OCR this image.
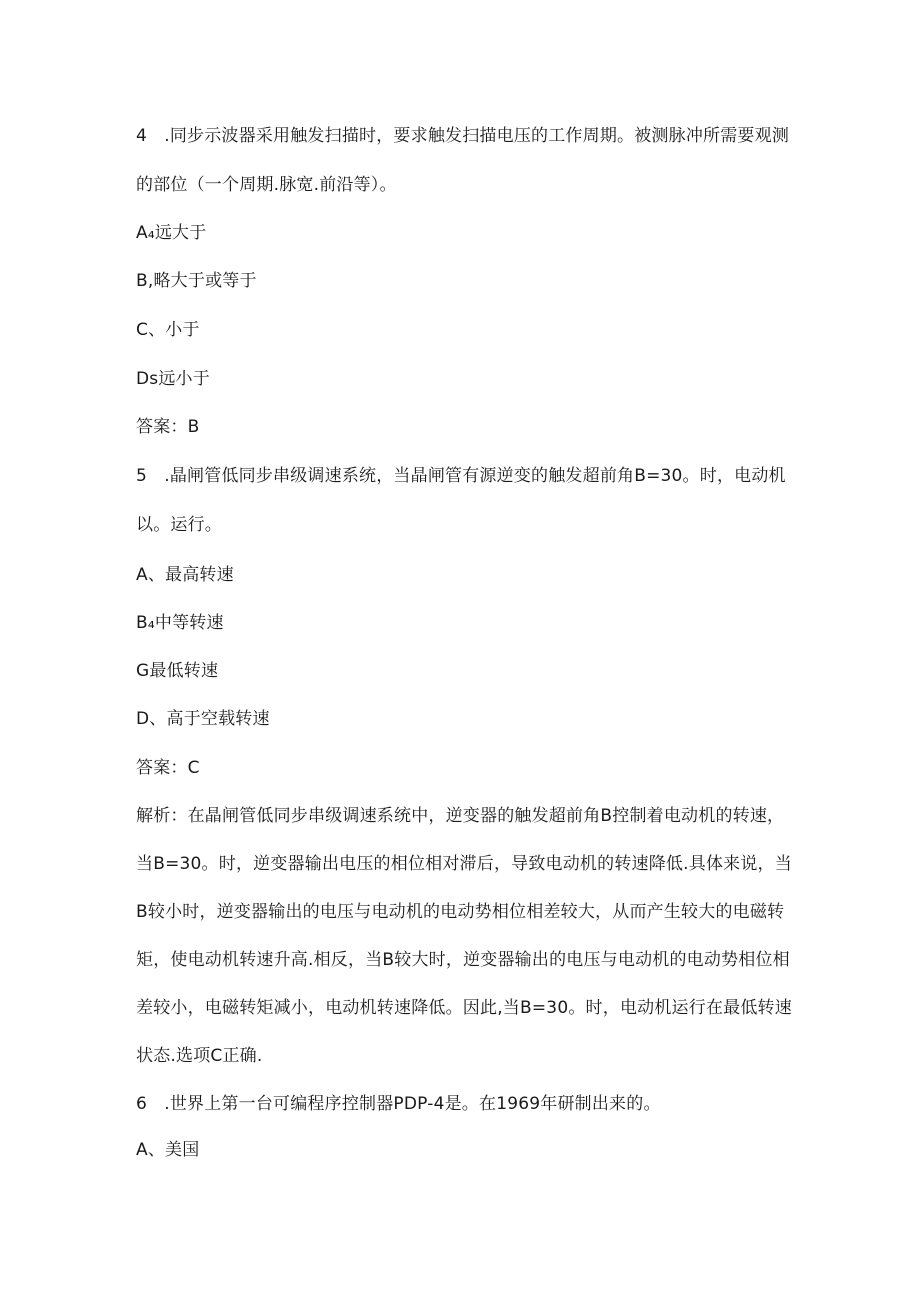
4　.同步示波器采用触发扫描时，要求触发扫描电压的工作周期。被测脉冲所需要观测
的部位（一个周期.脉宽.前沿等）。
A₄远大于
B,略大于或等于
C、小于
Ds远小于
答案：B
5　.晶闸管低同步串级调速系统，当晶闸管有源逆变的触发超前角B=30。时，电动机
以。运行。
A、最高转速
B₄中等转速
G最低转速
D、高于空载转速
答案：C
解析：在晶闸管低同步串级调速系统中，逆变器的触发超前角B控制着电动机的转速，
当B=30。时，逆变器输出电压的相位相对滞后，导致电动机的转速降低.具体来说，当
B较小时，逆变器输出的电压与电动机的电动势相位相差较大，从而产生较大的电磁转
矩，使电动机转速升高.相反，当B较大时，逆变器输出的电压与电动机的电动势相位相
差较小，电磁转矩减小，电动机转速降低。因此,当B=30。时，电动机运行在最低转速
状态.选项C正确.
6　.世界上第一台可编程序控制器PDP-4是。在1969年研制出来的。
A、美国
